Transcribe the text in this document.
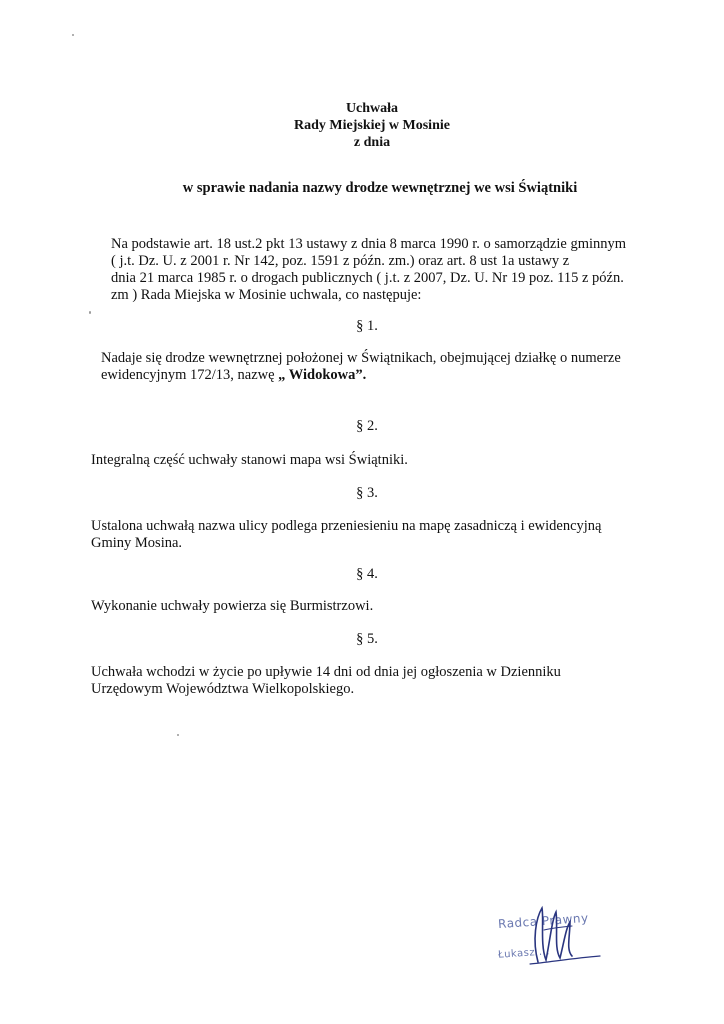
Uchwała
Rady Miejskiej w Mosinie
z dnia
w sprawie nadania nazwy drodze wewnętrznej we wsi Świątniki
Na podstawie art. 18 ust.2 pkt 13 ustawy z dnia 8 marca 1990 r. o samorządzie gminnym
( j.t. Dz. U. z 2001 r. Nr 142, poz. 1591 z późn. zm.) oraz art. 8 ust 1a ustawy z
dnia 21 marca 1985 r. o drogach publicznych ( j.t. z 2007, Dz. U. Nr 19 poz. 115 z późn.
zm ) Rada Miejska w Mosinie uchwala, co następuje:
§ 1.
Nadaje się drodze wewnętrznej położonej w Świątnikach, obejmującej działkę o numerze
ewidencyjnym 172/13, nazwę „ Widokowa”.
§ 2.
Integralną część uchwały stanowi mapa wsi Świątniki.
§ 3.
Ustalona uchwałą nazwa ulicy podlega przeniesieniu na mapę zasadniczą i ewidencyjną
Gminy Mosina.
§ 4.
Wykonanie uchwały powierza się Burmistrzowi.
§ 5.
Uchwała wchodzi w życie po upływie 14 dni od dnia jej ogłoszenia w Dzienniku
Urzędowym Województwa Wielkopolskiego.
Radca Prawny
Łukasz ...
